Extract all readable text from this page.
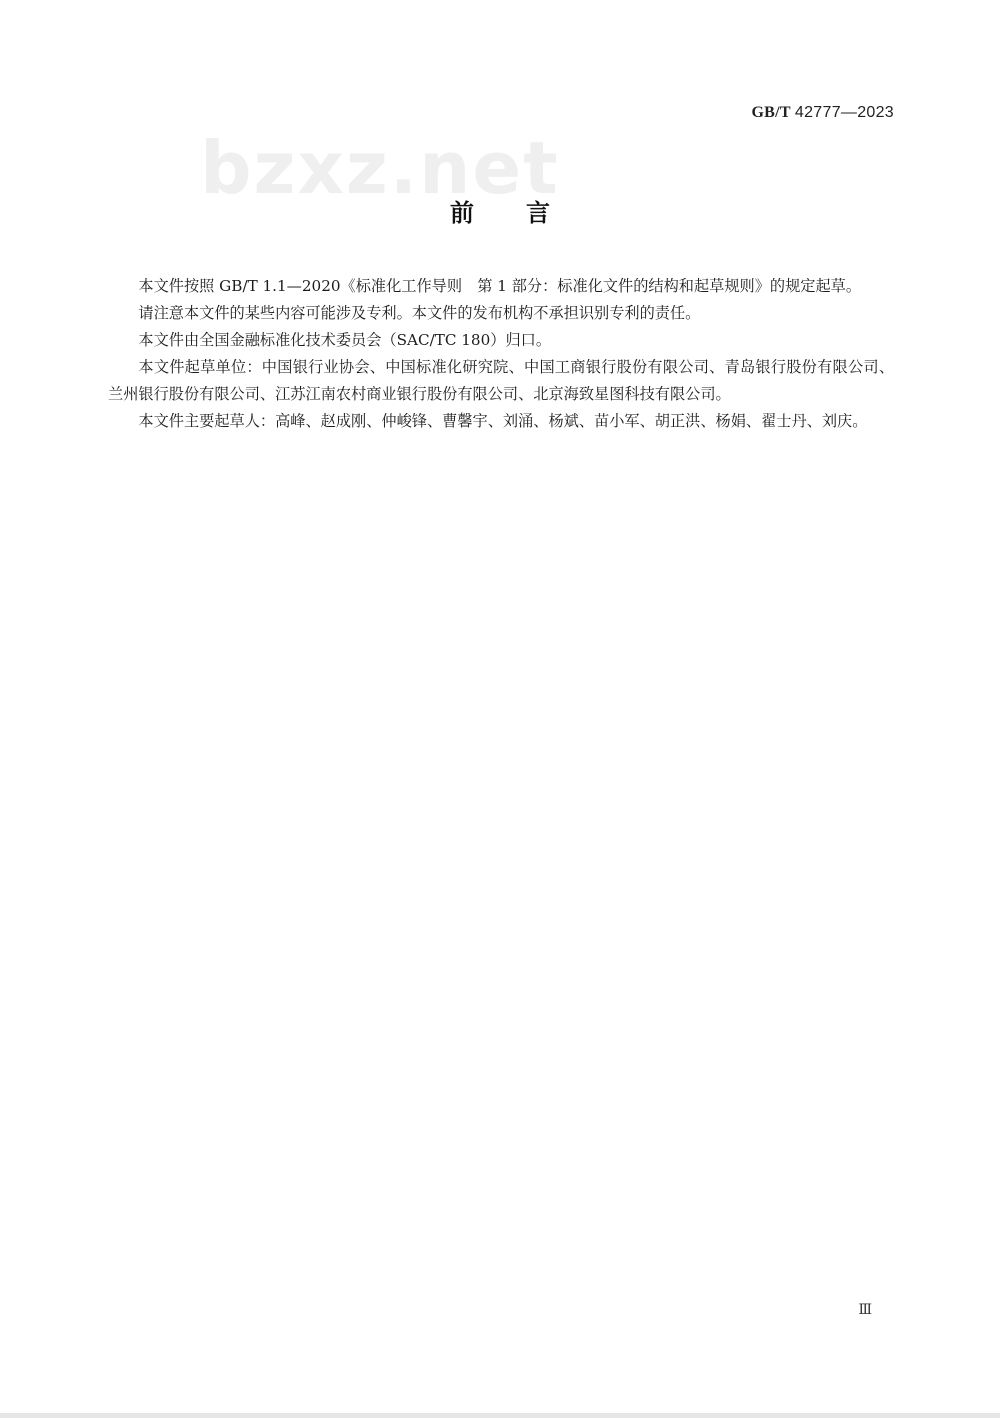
bzxz.net
GB/T 42777—2023
前言

本文件按照 GB/T 1.1—2020《标准化工作导则　第 1 部分：标准化文件的结构和起草规则》的规定起草。

请注意本文件的某些内容可能涉及专利。本文件的发布机构不承担识别专利的责任。

本文件由全国金融标准化技术委员会（SAC/TC 180）归口。

本文件起草单位：中国银行业协会、中国标准化研究院、中国工商银行股份有限公司、青岛银行股份有限公司、兰州银行股份有限公司、江苏江南农村商业银行股份有限公司、北京海致星图科技有限公司。

本文件主要起草人：高峰、赵成刚、仲峻锋、曹馨宇、刘涌、杨斌、苗小军、胡正洪、杨娟、翟士丹、刘庆。

Ⅲ
